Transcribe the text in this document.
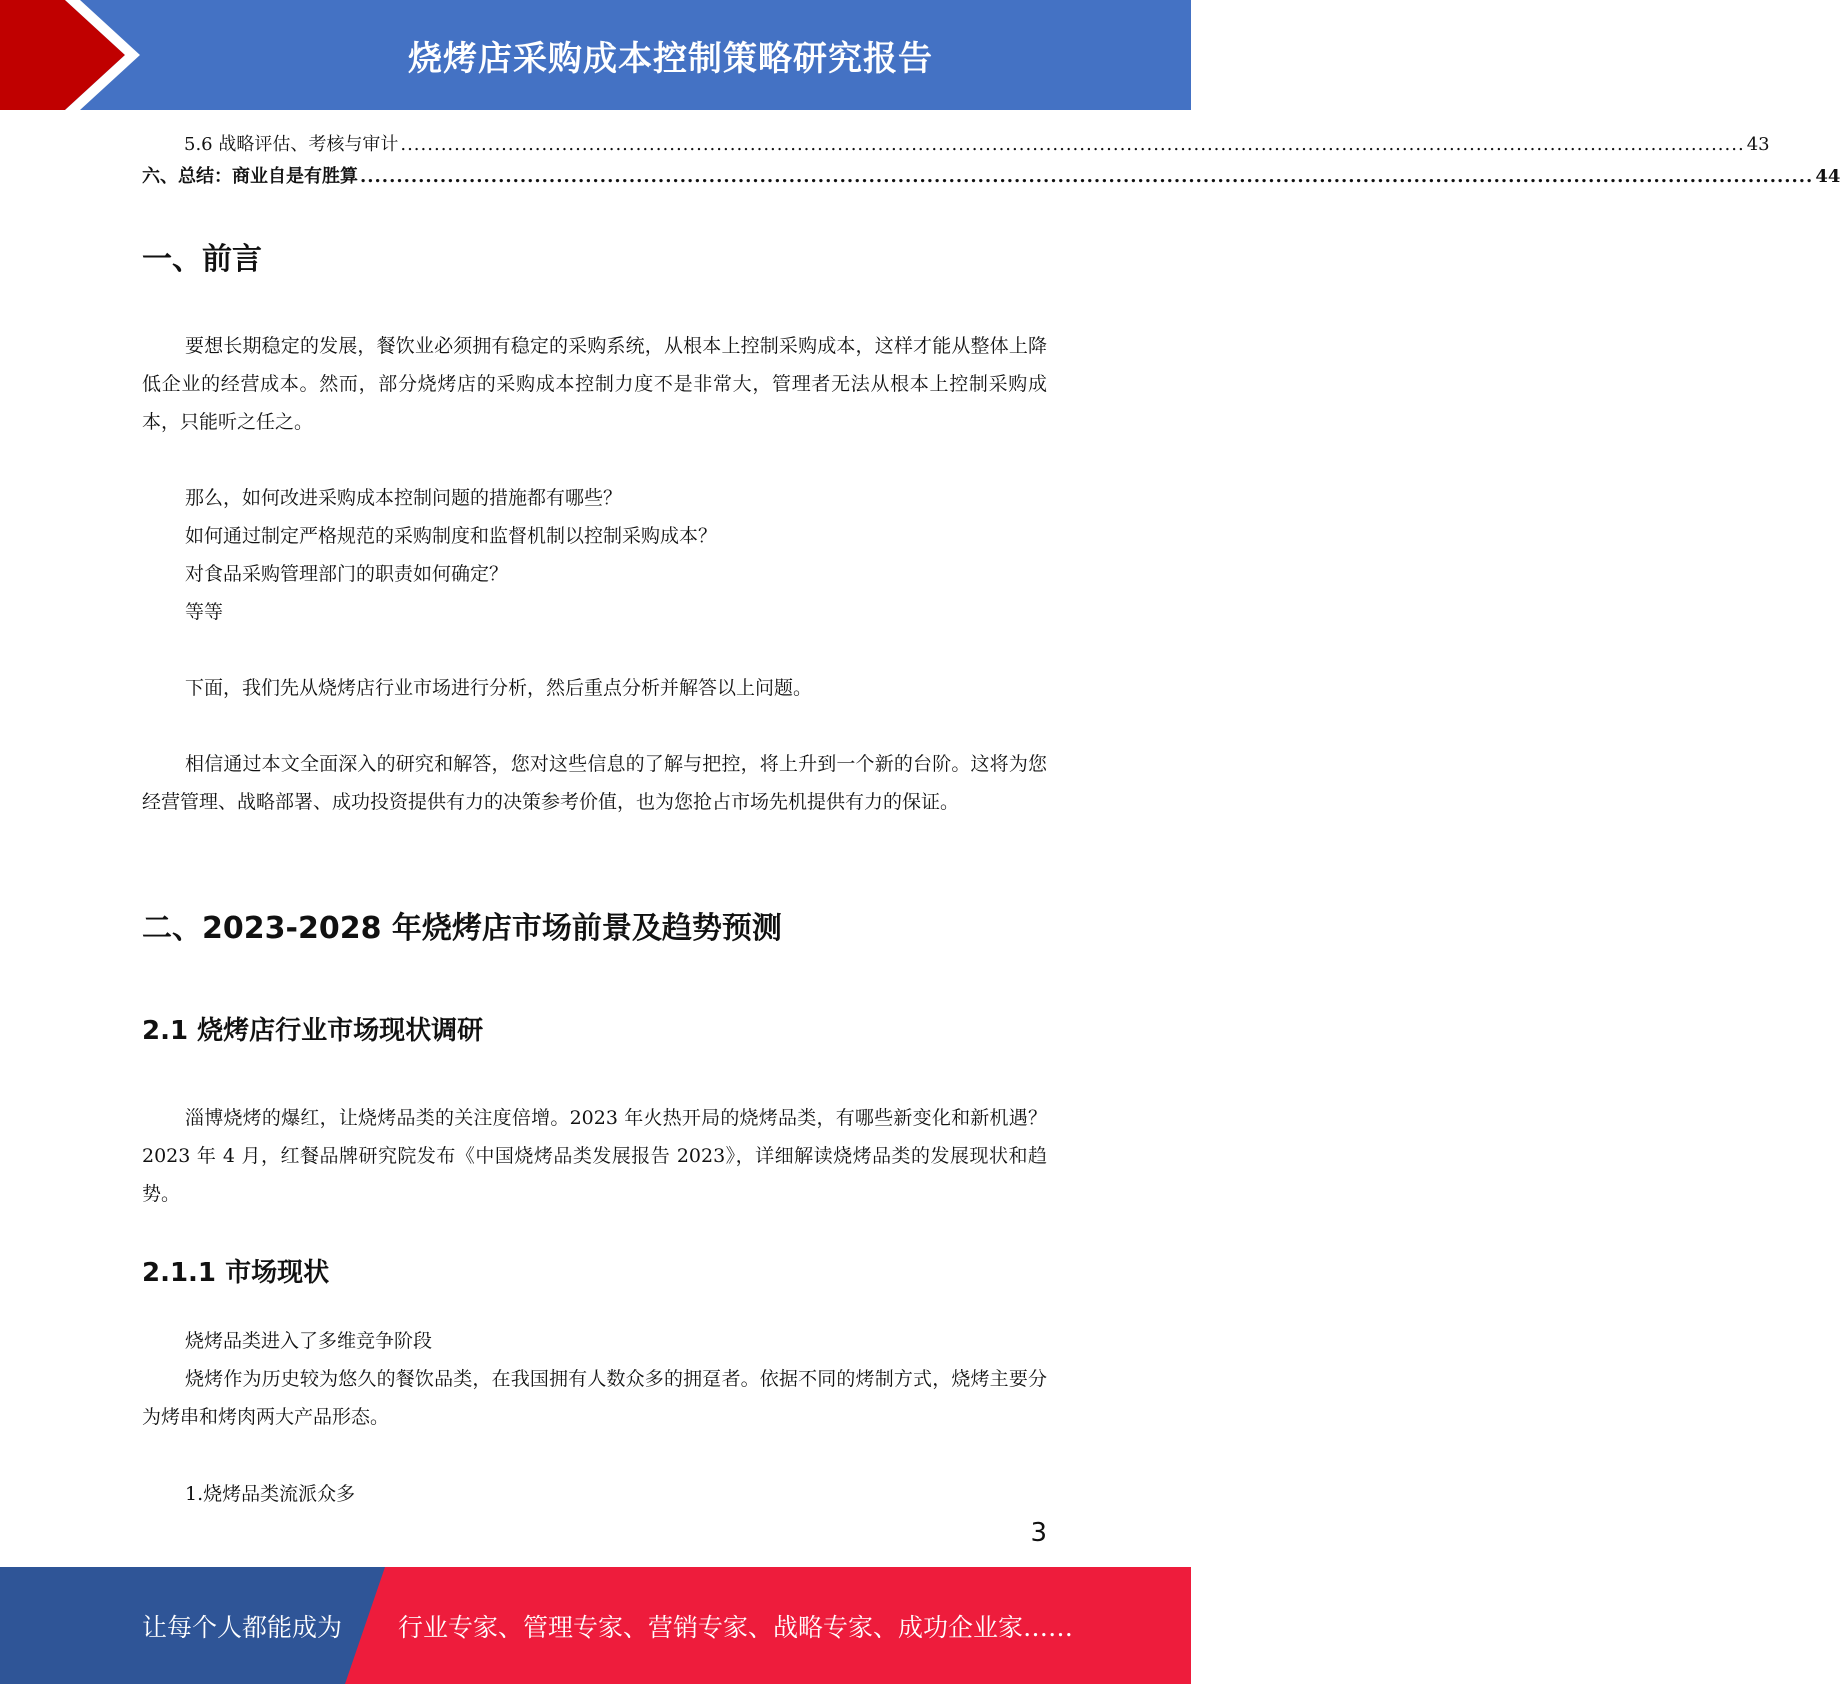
烧烤店采购成本控制策略研究报告
5.6 战略评估、考核与审计 ........................................................................................................................................................................................................ 43
六、总结：商业自是有胜算 ........................................................................................................................................................................................................ 44
一、前言

要想长期稳定的发展，餐饮业必须拥有稳定的采购系统，从根本上控制采购成本，这样才能从整体上降低企业的经营成本。然而，部分烧烤店的采购成本控制力度不是非常大，管理者无法从根本上控制采购成本，只能听之任之。

那么，如何改进采购成本控制问题的措施都有哪些？
如何通过制定严格规范的采购制度和监督机制以控制采购成本？
对食品采购管理部门的职责如何确定？
等等

下面，我们先从烧烤店行业市场进行分析，然后重点分析并解答以上问题。

相信通过本文全面深入的研究和解答，您对这些信息的了解与把控，将上升到一个新的台阶。这将为您经营管理、战略部署、成功投资提供有力的决策参考价值，也为您抢占市场先机提供有力的保证。

二、2023-2028 年烧烤店市场前景及趋势预测
2.1 烧烤店行业市场现状调研

淄博烧烤的爆红，让烧烤品类的关注度倍增。2023 年火热开局的烧烤品类，有哪些新变化和新机遇？2023 年 4 月，红餐品牌研究院发布《中国烧烤品类发展报告 2023》，详细解读烧烤品类的发展现状和趋势。

2.1.1 市场现状
烧烤品类进入了多维竞争阶段

烧烤作为历史较为悠久的餐饮品类，在我国拥有人数众多的拥趸者。依据不同的烤制方式，烧烤主要分为烤串和烤肉两大产品形态。

1.烧烤品类流派众多
3
让每个人都能成为 行业专家、管理专家、营销专家、战略专家、成功企业家……
